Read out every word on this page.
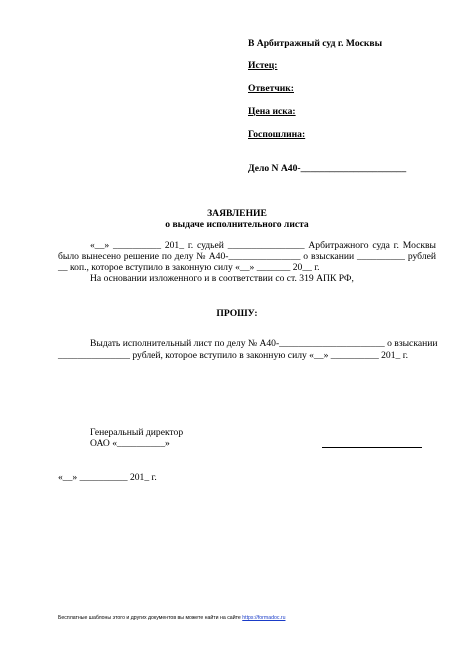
В Арбитражный суд г. Москвы
Истец:
Ответчик:
Цена иска:
Госпошлина:
Дело N А40-______________________
ЗАЯВЛЕНИЕ
о выдаче исполнительного листа
«__» __________ 201_ г. судьей ________________ Арбитражного суда г. Москвы
было вынесено решение по делу № А40-_______________ о взыскании __________ рублей
__ коп., которое вступило в законную силу «__» _______ 20__ г.
На основании изложенного и в соответствии со ст. 319 АПК РФ,
ПРОШУ:
Выдать исполнительный лист по делу № А40-______________________ о взыскании
_______________ рублей, которое вступило в законную силу «__» __________ 201_ г.
Генеральный директор
ОАО «__________»
«__» __________ 201_ г.
Бесплатные шаблоны этого и других документов вы можете найти на сайте https://formadoc.ru
